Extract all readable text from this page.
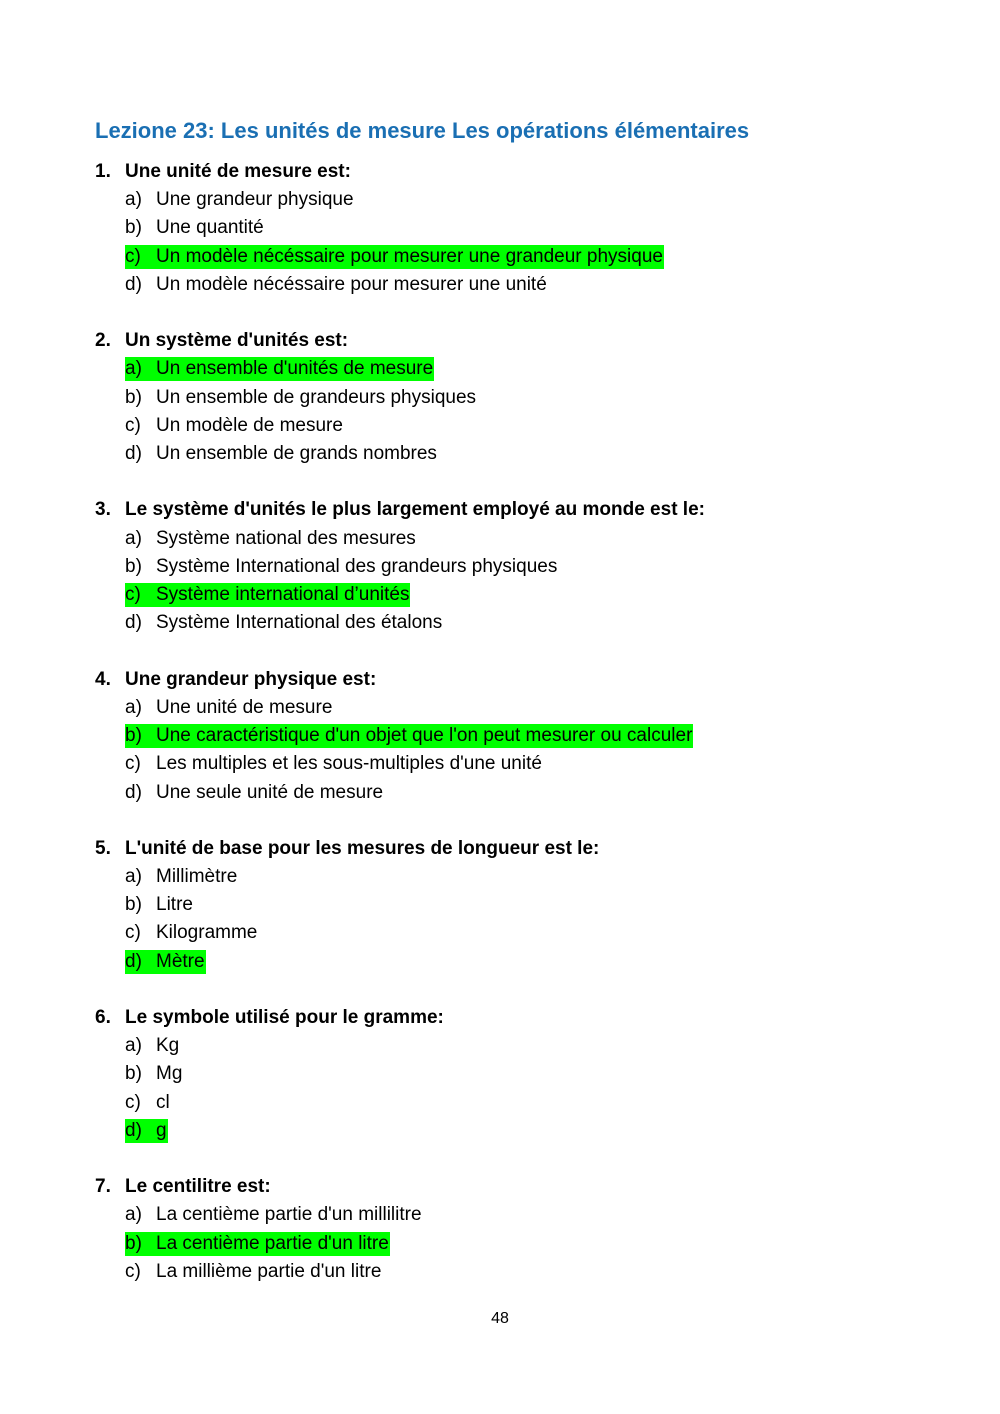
Lezione 23: Les unités de mesure Les opérations élémentaires
1. Une unité de mesure est:
a) Une grandeur physique
b) Une quantité
c) Un modèle nécéssaire pour mesurer une grandeur physique
d) Un modèle nécéssaire pour mesurer une unité
2. Un système d'unités est:
a) Un ensemble d'unités de mesure
b) Un ensemble de grandeurs physiques
c) Un modèle de mesure
d) Un ensemble de grands nombres
3. Le système d'unités le plus largement employé au monde est le:
a) Système national des mesures
b) Système International des grandeurs physiques
c) Système international d’unités
d) Système International des étalons
4. Une grandeur physique est:
a) Une unité de mesure
b) Une caractéristique d'un objet que l'on peut mesurer ou calculer
c) Les multiples et les sous-multiples d'une unité
d) Une seule unité de mesure
5. L'unité de base pour les mesures de longueur est le:
a) Millimètre
b) Litre
c) Kilogramme
d) Mètre
6. Le symbole utilisé pour le gramme:
a) Kg
b) Mg
c) cl
d) g
7. Le centilitre est:
a) La centième partie d'un millilitre
b) La centième partie d'un litre
c) La millième partie d'un litre
48
